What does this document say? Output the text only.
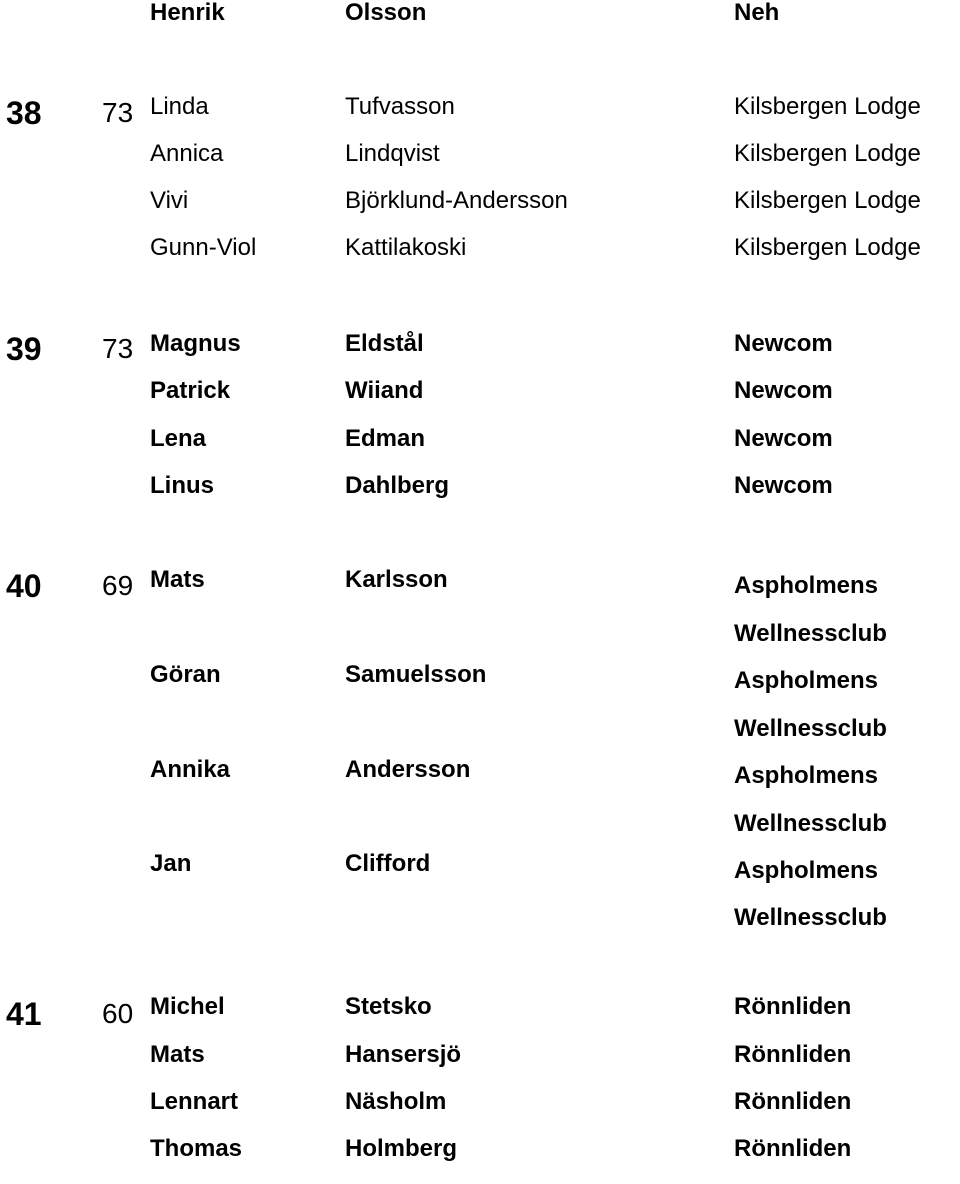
Henrik	Olsson	Neh
38 73 Linda	Tufvasson	Kilsbergen Lodge
Annica	Lindqvist	Kilsbergen Lodge
Vivi	Björklund-Andersson	Kilsbergen Lodge
Gunn-Viol	Kattilakoski	Kilsbergen Lodge
39 73 Magnus	Eldstål	Newcom
Patrick	Wiiand	Newcom
Lena	Edman	Newcom
Linus	Dahlberg	Newcom
40 69 Mats	Karlsson	Aspholmens
Wellnessclub
Göran	Samuelsson	Aspholmens
Wellnessclub
Annika	Andersson	Aspholmens
Wellnessclub
Jan	Clifford	Aspholmens
Wellnessclub
41 60 Michel	Stetsko	Rönnliden
Mats	Hansersjö	Rönnliden
Lennart	Näsholm	Rönnliden
Thomas	Holmberg	Rönnliden
